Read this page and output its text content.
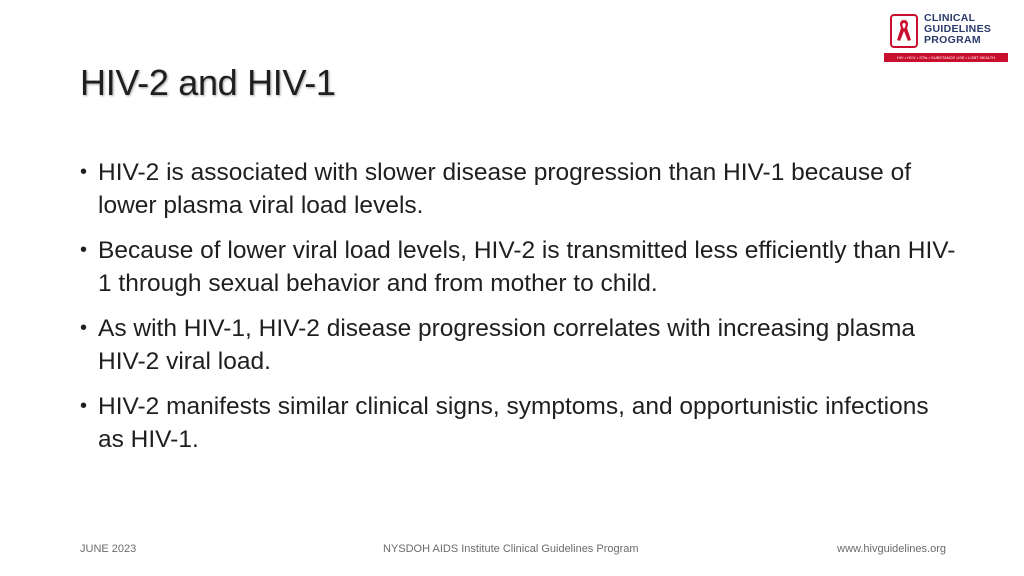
CLINICAL
GUIDELINES
PROGRAM
HIV • HCV • STIs • SUBSTANCE USE • LGBT HEALTH
HIV-2 and HIV-1
• HIV-2 is associated with slower disease progression than HIV-1 because of lower plasma viral load levels.
• Because of lower viral load levels, HIV-2 is transmitted less efficiently than HIV-1 through sexual behavior and from mother to child.
• As with HIV-1, HIV-2 disease progression correlates with increasing plasma HIV-2 viral load.
• HIV-2 manifests similar clinical signs, symptoms, and opportunistic infections as HIV-1.
JUNE 2023	NYSDOH AIDS Institute Clinical Guidelines Program	www.hivguidelines.org
